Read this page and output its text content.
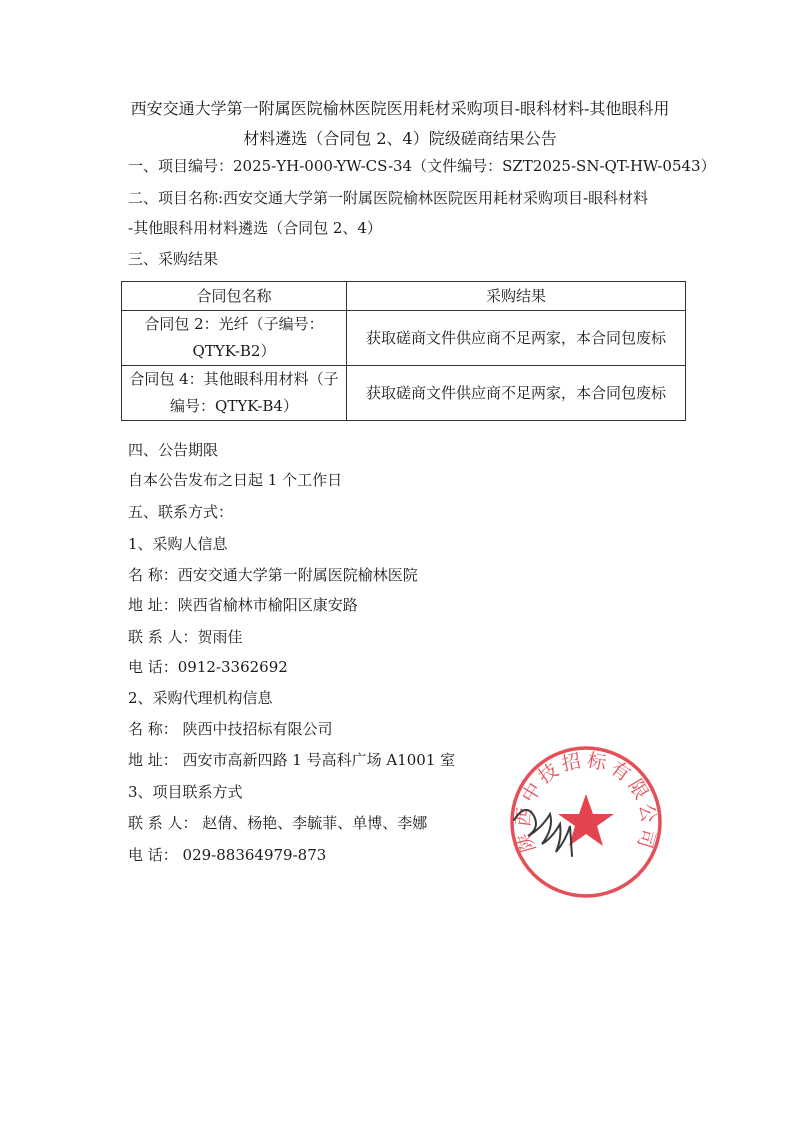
西安交通大学第一附属医院榆林医院医用耗材采购项目-眼科材料-其他眼科用
材料遴选（合同包 2、4）院级磋商结果公告
一、项目编号：2025-YH-000-YW-CS-34（文件编号：SZT2025-SN-QT-HW-0543）
二、项目名称:西安交通大学第一附属医院榆林医院医用耗材采购项目-眼科材料
-其他眼科用材料遴选（合同包 2、4）
三、采购结果
合同包名称	采购结果

合同包 2：光纤（子编号：
QTYK-B2）	获取磋商文件供应商不足两家，本合同包废标

合同包 4：其他眼科用材料（子
编号：QTYK-B4）	获取磋商文件供应商不足两家，本合同包废标
四、公告期限
自本公告发布之日起 1 个工作日
五、联系方式：
1、采购人信息
名 称：西安交通大学第一附属医院榆林医院
地 址：陕西省榆林市榆阳区康安路
联 系 人：贺雨佳
电 话：0912-3362692
2、采购代理机构信息
名 称： 陕西中技招标有限公司
地 址： 西安市高新四路 1 号高科广场 A1001 室
3、项目联系方式
联 系 人： 赵倩、杨艳、李毓菲、单博、李娜
电 话： 029-88364979-873
陕西中技招标有限公司
